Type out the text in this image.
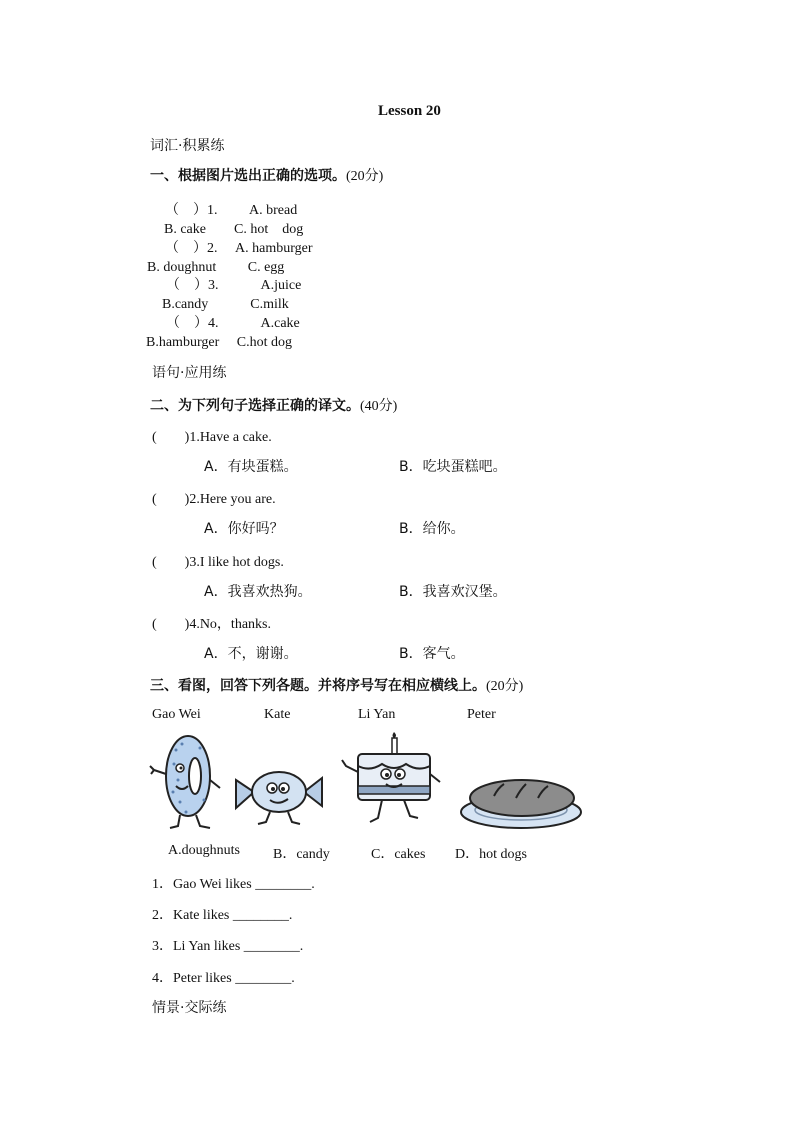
Lesson 20
词汇·积累练
一、根据图片选出正确的选项。(20分)
（　）1.　　 A. bread
B. cake　　C. hot　dog
（　）2.　 A. hamburger
B. doughnut　　 C. egg
（　）3.　　　A.juice
B.candy　　　C.milk
（　）4.　　　A.cake
B.hamburger　 C.hot dog
语句·应用练
二、为下列句子选择正确的译文。(40分)
(　　)1.Have a cake.
A．有块蛋糕。	B．吃块蛋糕吧。
(　　)2.Here you are.
A．你好吗？	B．给你。
(　　)3.I like hot dogs.
A．我喜欢热狗。	B．我喜欢汉堡。
(　　)4.No，thanks.
A．不，谢谢。	B．客气。
三、看图，回答下列各题。并将序号写在相应横线上。(20分)
Gao Wei	Kate	Li Yan	Peter
A.doughnuts B．candy	C．cakes D．hot dogs
1．Gao Wei likes ________.
2．Kate likes ________.
3．Li Yan likes ________.
4．Peter likes ________.
情景·交际练
